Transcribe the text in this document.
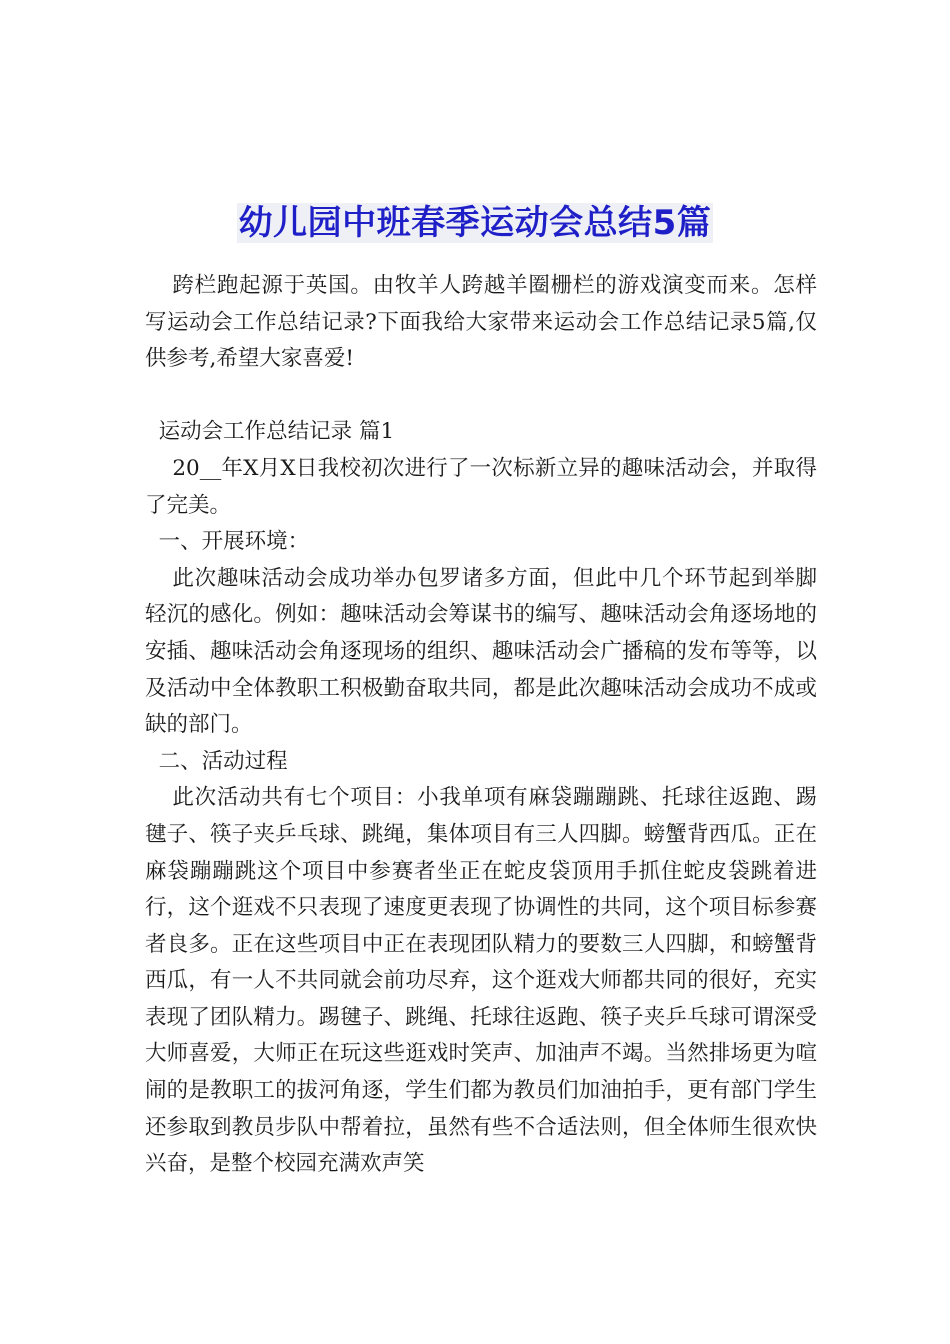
幼儿园中班春季运动会总结5篇

跨栏跑起源于英国。由牧羊人跨越羊圈栅栏的游戏演变而来。怎样写运动会工作总结记录?下面我给大家带来运动会工作总结记录5篇,仅供参考,希望大家喜爱!

运动会工作总结记录 篇1

20__年X月X日我校初次进行了一次标新立异的趣味活动会，并取得了完美。

一、开展环境：

此次趣味活动会成功举办包罗诸多方面，但此中几个环节起到举脚轻沉的感化。例如：趣味活动会筹谋书的编写、趣味活动会角逐场地的安插、趣味活动会角逐现场的组织、趣味活动会广播稿的发布等等，以及活动中全体教职工积极勤奋取共同，都是此次趣味活动会成功不成或缺的部门。

二、活动过程

此次活动共有七个项目：小我单项有麻袋蹦蹦跳、托球往返跑、踢毽子、筷子夹乒乓球、跳绳，集体项目有三人四脚。螃蟹背西瓜。正在麻袋蹦蹦跳这个项目中参赛者坐正在蛇皮袋顶用手抓住蛇皮袋跳着进行，这个逛戏不只表现了速度更表现了协调性的共同，这个项目标参赛者良多。正在这些项目中正在表现团队精力的要数三人四脚，和螃蟹背西瓜，有一人不共同就会前功尽弃，这个逛戏大师都共同的很好，充实表现了团队精力。踢毽子、跳绳、托球往返跑、筷子夹乒乓球可谓深受大师喜爱，大师正在玩这些逛戏时笑声、加油声不竭。当然排场更为喧闹的是教职工的拔河角逐，学生们都为教员们加油拍手，更有部门学生还参取到教员步队中帮着拉，虽然有些不合适法则，但全体师生很欢快兴奋，是整个校园充满欢声笑
